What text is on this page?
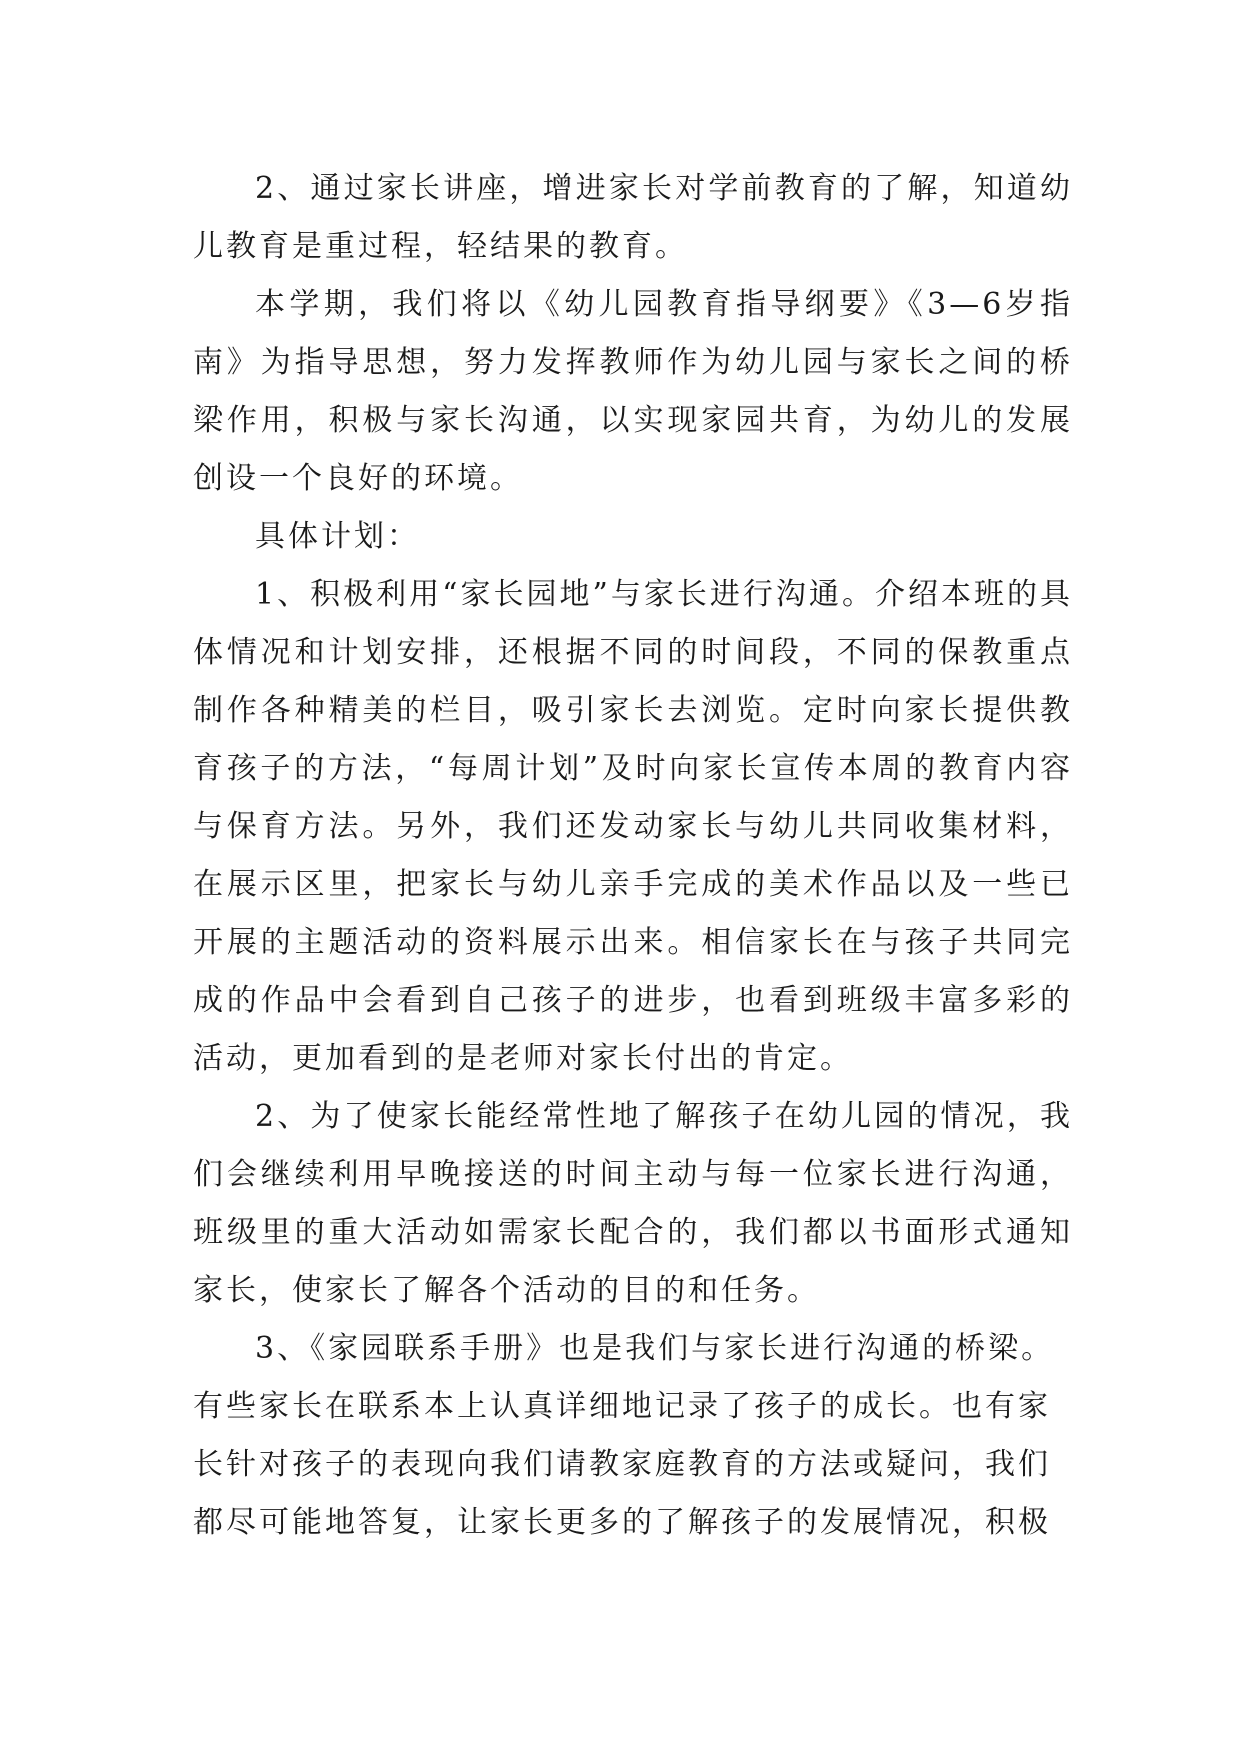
2、通过家长讲座，增进家长对学前教育的了解，知道幼儿教育是重过程，轻结果的教育。

本学期，我们将以《幼儿园教育指导纲要》《3—6岁指南》为指导思想，努力发挥教师作为幼儿园与家长之间的桥梁作用，积极与家长沟通，以实现家园共育，为幼儿的发展创设一个良好的环境。

具体计划：

1、积极利用“家长园地”与家长进行沟通。介绍本班的具体情况和计划安排，还根据不同的时间段，不同的保教重点制作各种精美的栏目，吸引家长去浏览。定时向家长提供教育孩子的方法，“每周计划”及时向家长宣传本周的教育内容与保育方法。另外，我们还发动家长与幼儿共同收集材料，在展示区里，把家长与幼儿亲手完成的美术作品以及一些已开展的主题活动的资料展示出来。相信家长在与孩子共同完成的作品中会看到自己孩子的进步，也看到班级丰富多彩的活动，更加看到的是老师对家长付出的肯定。

2、为了使家长能经常性地了解孩子在幼儿园的情况，我们会继续利用早晚接送的时间主动与每一位家长进行沟通，班级里的重大活动如需家长配合的，我们都以书面形式通知家长，使家长了解各个活动的目的和任务。

3、《家园联系手册》也是我们与家长进行沟通的桥梁。有些家长在联系本上认真详细地记录了孩子的成长。也有家长针对孩子的表现向我们请教家庭教育的方法或疑问，我们都尽可能地答复，让家长更多的了解孩子的发展情况，积极
